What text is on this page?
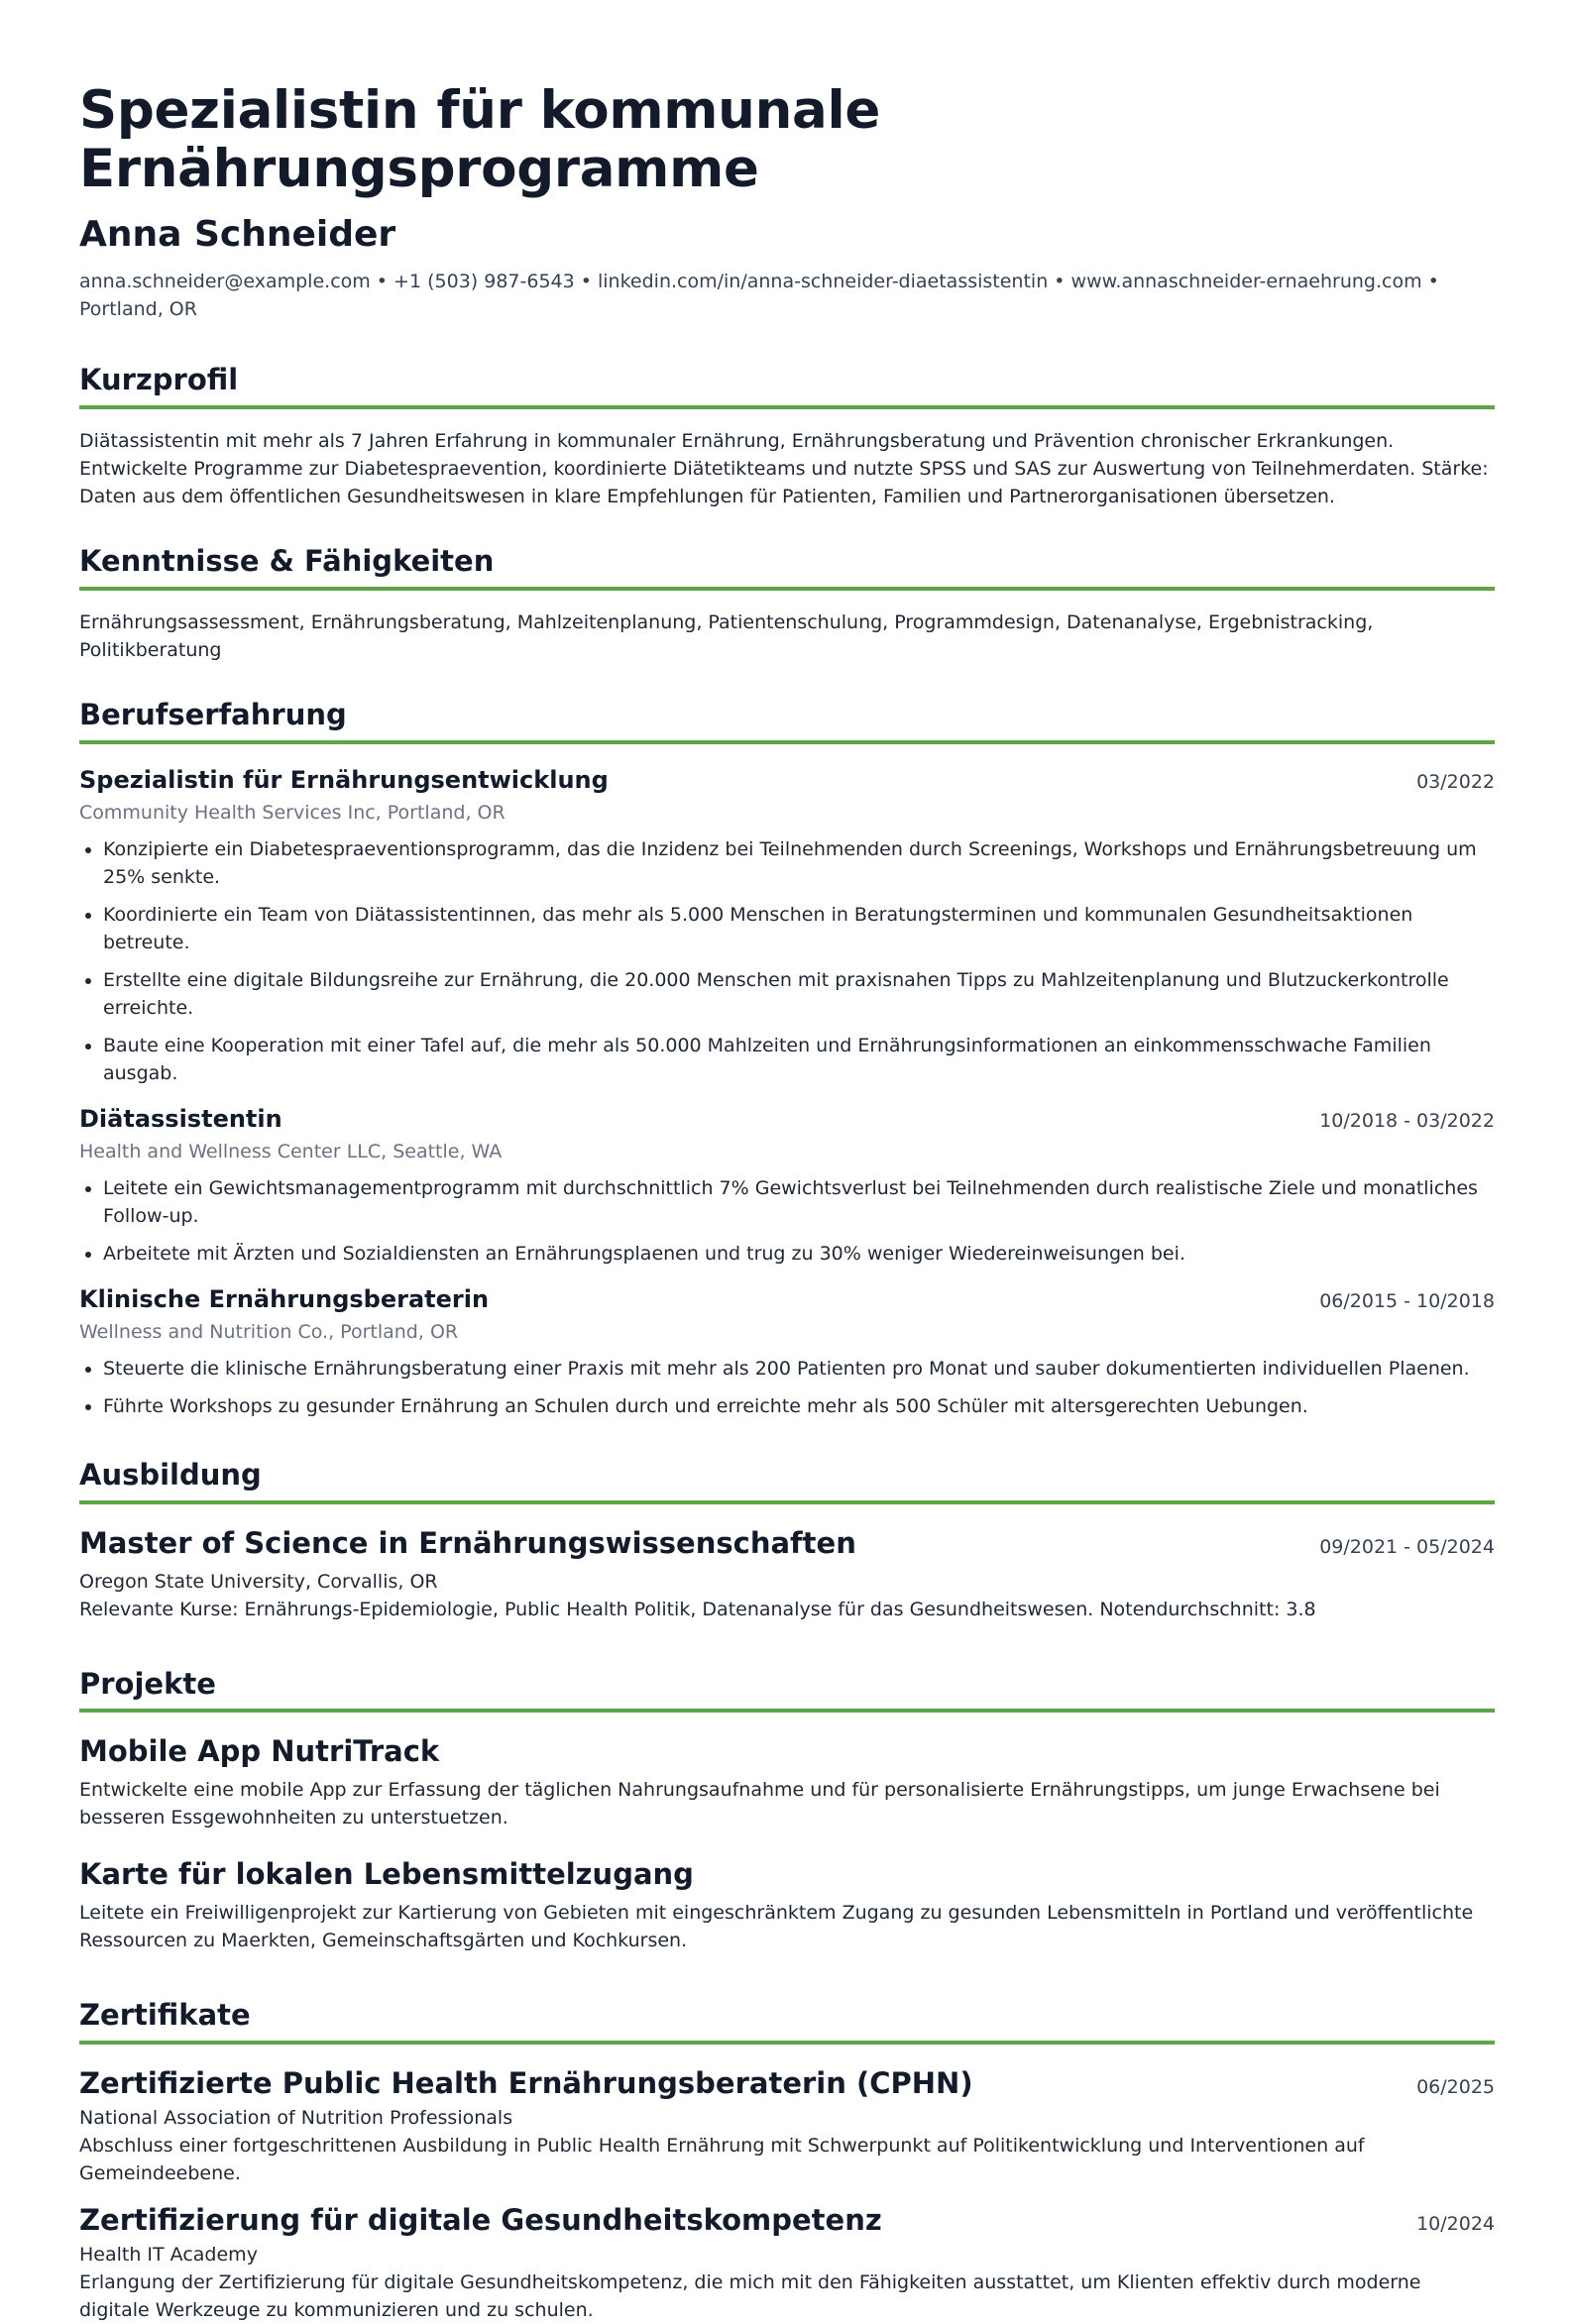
Spezialistin für kommunale Ernährungsprogramme
Anna Schneider
anna.schneider@example.com • +1 (503) 987-6543 • linkedin.com/in/anna-schneider-diaetassistentin • www.annaschneider-ernaehrung.com • Portland, OR
Kurzprofil
Diätassistentin mit mehr als 7 Jahren Erfahrung in kommunaler Ernährung, Ernährungsberatung und Prävention chronischer Erkrankungen. Entwickelte Programme zur Diabetespraevention, koordinierte Diätetikteams und nutzte SPSS und SAS zur Auswertung von Teilnehmerdaten. Stärke: Daten aus dem öffentlichen Gesundheitswesen in klare Empfehlungen für Patienten, Familien und Partnerorganisationen übersetzen.
Kenntnisse & Fähigkeiten
Ernährungsassessment, Ernährungsberatung, Mahlzeitenplanung, Patientenschulung, Programmdesign, Datenanalyse, Ergebnistracking, Politikberatung
Berufserfahrung
Spezialistin für Ernährungsentwicklung	03/2022
Community Health Services Inc, Portland, OR
• Konzipierte ein Diabetespraeventionsprogramm, das die Inzidenz bei Teilnehmenden durch Screenings, Workshops und Ernährungsbetreuung um 25% senkte.
• Koordinierte ein Team von Diätassistentinnen, das mehr als 5.000 Menschen in Beratungsterminen und kommunalen Gesundheitsaktionen betreute.
• Erstellte eine digitale Bildungsreihe zur Ernährung, die 20.000 Menschen mit praxisnahen Tipps zu Mahlzeitenplanung und Blutzuckerkontrolle erreichte.
• Baute eine Kooperation mit einer Tafel auf, die mehr als 50.000 Mahlzeiten und Ernährungsinformationen an einkommensschwache Familien ausgab.
Diätassistentin	10/2018 - 03/2022
Health and Wellness Center LLC, Seattle, WA
• Leitete ein Gewichtsmanagementprogramm mit durchschnittlich 7% Gewichtsverlust bei Teilnehmenden durch realistische Ziele und monatliches Follow-up.
• Arbeitete mit Ärzten und Sozialdiensten an Ernährungsplaenen und trug zu 30% weniger Wiedereinweisungen bei.
Klinische Ernährungsberaterin	06/2015 - 10/2018
Wellness and Nutrition Co., Portland, OR
• Steuerte die klinische Ernährungsberatung einer Praxis mit mehr als 200 Patienten pro Monat und sauber dokumentierten individuellen Plaenen.
• Führte Workshops zu gesunder Ernährung an Schulen durch und erreichte mehr als 500 Schüler mit altersgerechten Uebungen.
Ausbildung
Master of Science in Ernährungswissenschaften	09/2021 - 05/2024
Oregon State University, Corvallis, OR
Relevante Kurse: Ernährungs-Epidemiologie, Public Health Politik, Datenanalyse für das Gesundheitswesen. Notendurchschnitt: 3.8
Projekte
Mobile App NutriTrack
Entwickelte eine mobile App zur Erfassung der täglichen Nahrungsaufnahme und für personalisierte Ernährungstipps, um junge Erwachsene bei besseren Essgewohnheiten zu unterstuetzen.
Karte für lokalen Lebensmittelzugang
Leitete ein Freiwilligenprojekt zur Kartierung von Gebieten mit eingeschränktem Zugang zu gesunden Lebensmitteln in Portland und veröffentlichte Ressourcen zu Maerkten, Gemeinschaftsgärten und Kochkursen.
Zertifikate
Zertifizierte Public Health Ernährungsberaterin (CPHN)	06/2025
National Association of Nutrition Professionals
Abschluss einer fortgeschrittenen Ausbildung in Public Health Ernährung mit Schwerpunkt auf Politikentwicklung und Interventionen auf Gemeindeebene.
Zertifizierung für digitale Gesundheitskompetenz	10/2024
Health IT Academy
Erlangung der Zertifizierung für digitale Gesundheitskompetenz, die mich mit den Fähigkeiten ausstattet, um Klienten effektiv durch moderne digitale Werkzeuge zu kommunizieren und zu schulen.
